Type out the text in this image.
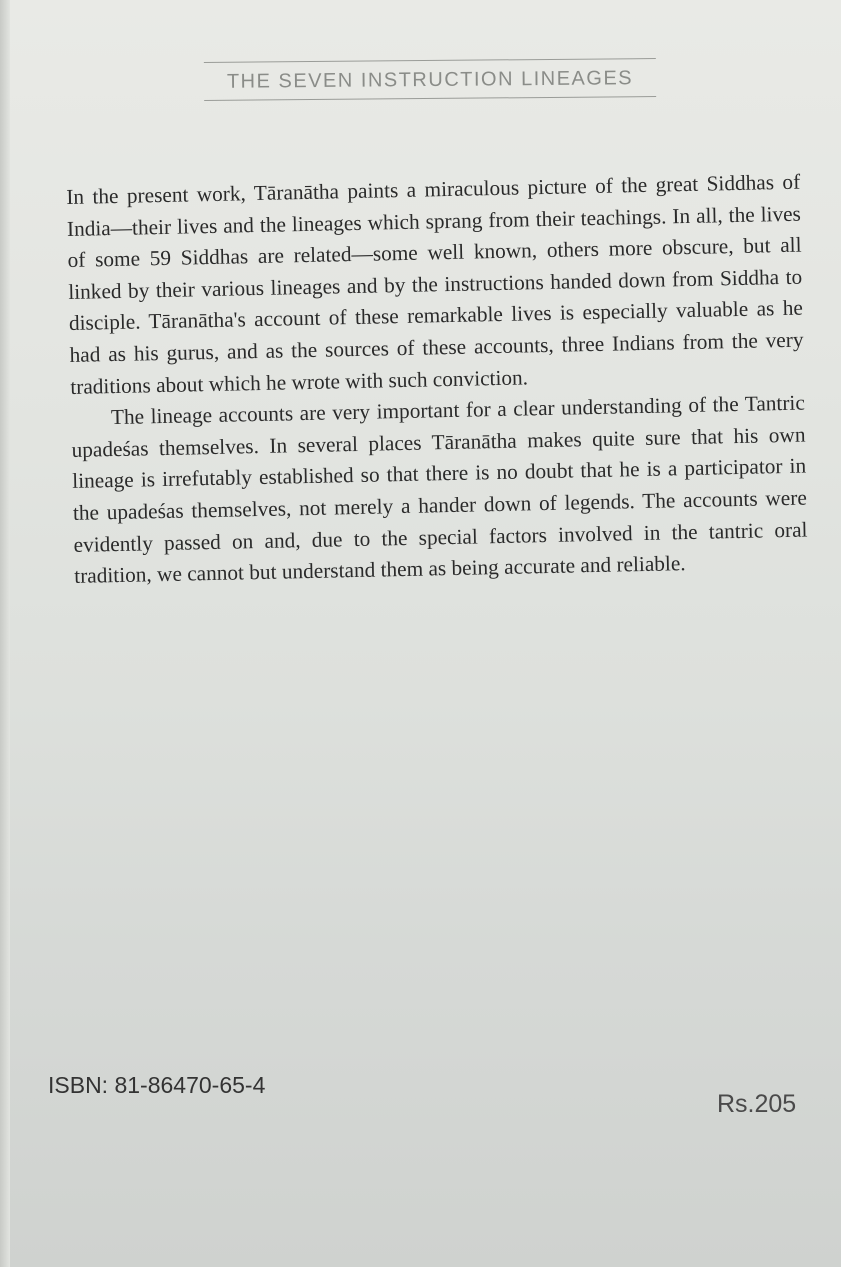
THE SEVEN INSTRUCTION LINEAGES

In the present work, Tāranātha paints a miraculous picture of the great Siddhas of India—their lives and the lineages which sprang from their teachings. In all, the lives of some 59 Siddhas are related—some well known, others more obscure, but all linked by their various lineages and by the instructions handed down from Siddha to disciple. Tāranātha's account of these remarkable lives is especially valuable as he had as his gurus, and as the sources of these accounts, three Indians from the very traditions about which he wrote with such conviction.

The lineage accounts are very important for a clear understanding of the Tantric upadeśas themselves. In several places Tāranātha makes quite sure that his own lineage is irrefutably established so that there is no doubt that he is a participator in the upadeśas themselves, not merely a hander down of legends. The accounts were evidently passed on and, due to the special factors involved in the tantric oral tradition, we cannot but understand them as being accurate and reliable.

ISBN: 81-86470-65-4
Rs.205
